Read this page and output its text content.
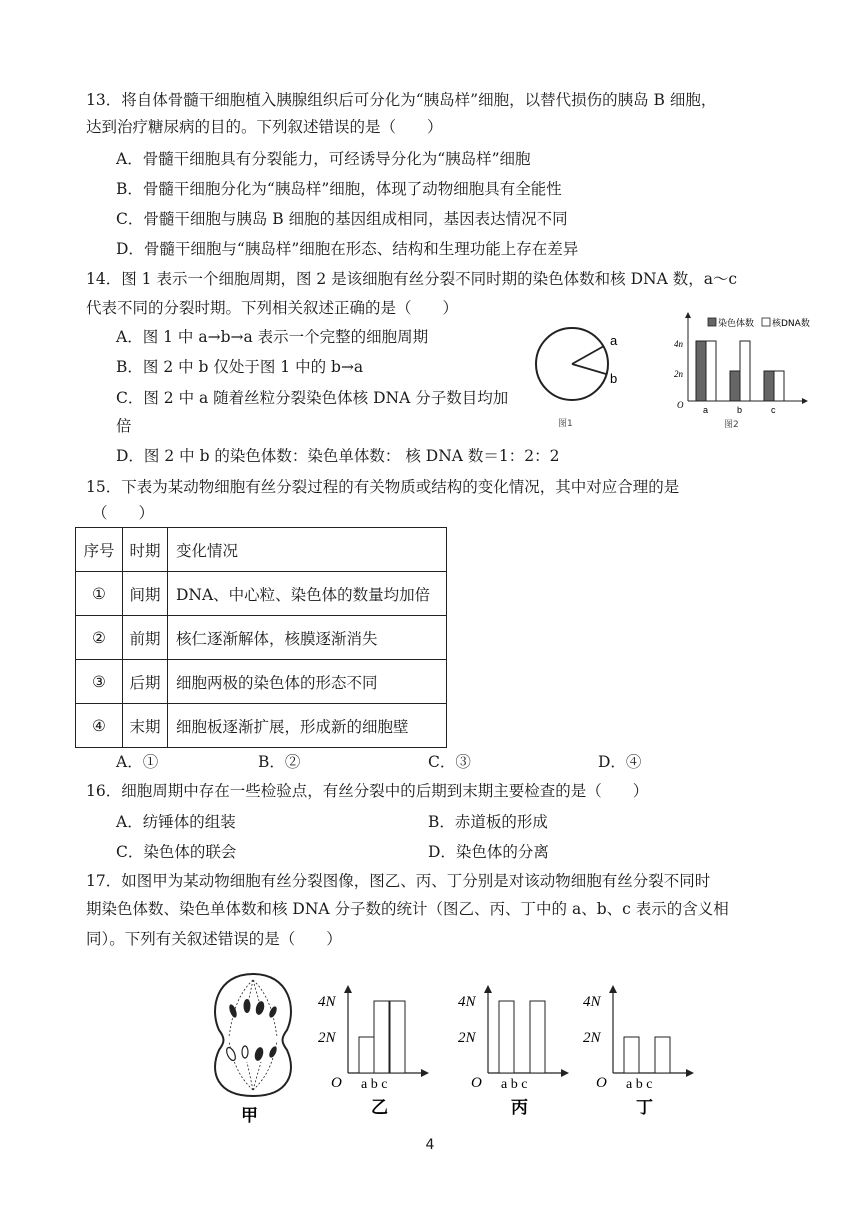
13．将自体骨髓干细胞植入胰腺组织后可分化为“胰岛样”细胞，以替代损伤的胰岛 B 细胞，
达到治疗糖尿病的目的。下列叙述错误的是（　　）
A．骨髓干细胞具有分裂能力，可经诱导分化为“胰岛样”细胞
B．骨髓干细胞分化为“胰岛样”细胞，体现了动物细胞具有全能性
C．骨髓干细胞与胰岛 B 细胞的基因组成相同，基因表达情况不同
D．骨髓干细胞与“胰岛样”细胞在形态、结构和生理功能上存在差异
14．图 1 表示一个细胞周期，图 2 是该细胞有丝分裂不同时期的染色体数和核 DNA 数，a～c
代表不同的分裂时期。下列相关叙述正确的是（　　）
A．图 1 中 a→b→a 表示一个完整的细胞周期
B．图 2 中 b 仅处于图 1 中的 b→a
C．图 2 中 a 随着丝粒分裂染色体核 DNA 分子数目均加
倍
D．图 2 中 b 的染色体数：染色单体数： 核 DNA 数＝1：2：2
a
b
图1
染色体数 核DNA数
4n
2n
O a	b	c
图2
15．下表为某动物细胞有丝分裂过程的有关物质或结构的变化情况，其中对应合理的是
（　　）
序号	时期	变化情况
①	间期	DNA、中心粒、染色体的数量均加倍
②	前期	核仁逐渐解体，核膜逐渐消失
③	后期	细胞两极的染色体的形态不同
④	末期	细胞板逐渐扩展，形成新的细胞壁
A．①	B．②	C．③	D．④
16．细胞周期中存在一些检验点，有丝分裂中的后期到末期主要检查的是（　　）
A．纺锤体的组装	B．赤道板的形成
C．染色体的联会	D．染色体的分离
17．如图甲为某动物细胞有丝分裂图像，图乙、丙、丁分别是对该动物细胞有丝分裂不同时
期染色体数、染色单体数和核 DNA 分子数的统计（图乙、丙、丁中的 a、b、c 表示的含义相
同）。下列有关叙述错误的是（　　）
甲
4N
2N
O a b c
乙
4N
2N
O a b c
丙
4N
2N
O a b c
丁
4
